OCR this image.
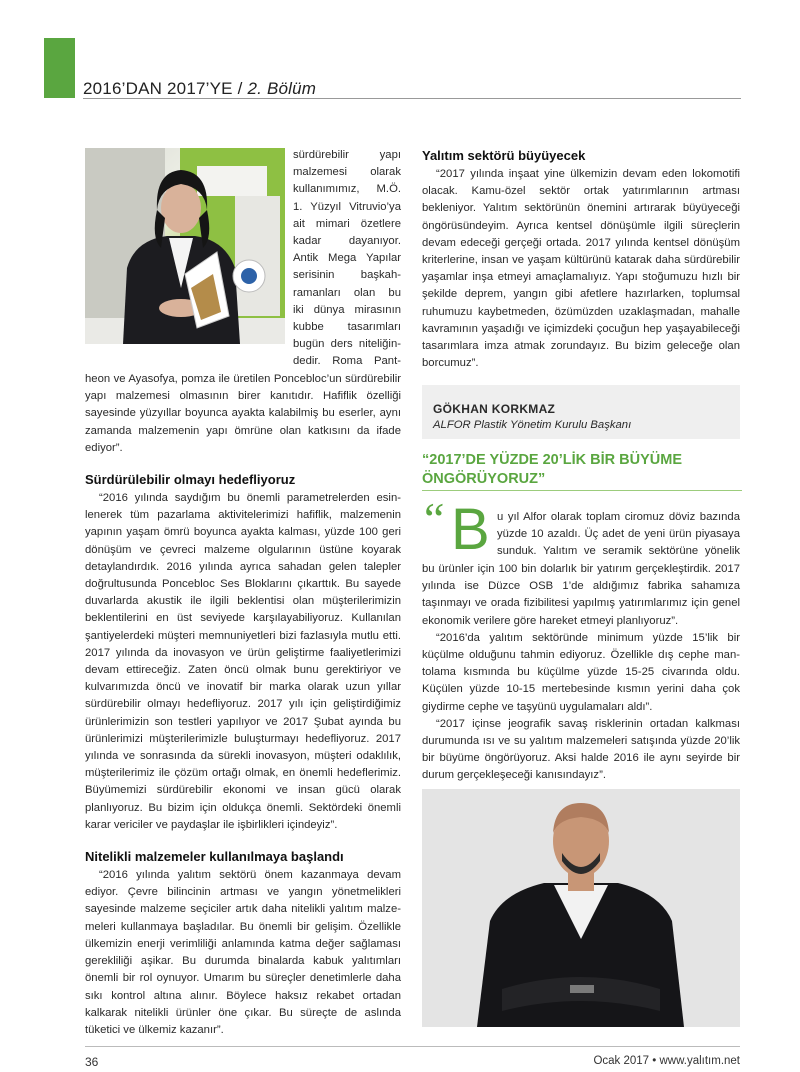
2016’DAN 2017’YE / 2. Bölüm
sürdürebilir yapı
malzemesi olarak
kullanımımız, M.Ö.
1. Yüzyıl Vitruvio’ya
ait mimari özetlere
kadar dayanıyor.
Antik Mega Yapılar
serisinin başkah-
ramanları olan bu
iki dünya mirasının
kubbe tasarımları
bugün ders niteliğin-
dedir. Roma Pant-

heon ve Ayasofya, pomza ile üretilen Poncebloc’un sürdürebilir yapı malzemesi olmasının birer kanıtıdır. Hafiflik özelliği sayesinde yüzyıllar boyunca ayakta kalabilmiş bu eserler, aynı zamanda malzemenin yapı ömrüne olan katkısını da ifade ediyor”.

Sürdürülebilir olmayı hedefliyoruz

“2016 yılında saydığım bu önemli parametrelerden esinlenerek tüm pazarlama aktivitelerimizi hafiflik, malzemenin yapının yaşam ömrü boyunca ayakta kalması, yüzde 100 geri dönüşüm ve çevreci malzeme olgularının üstüne koyarak detaylandırdık. 2016 yılında ayrıca sahadan gelen talepler doğrultusunda Poncebloc Ses Bloklarını çıkarttık. Bu sayede duvarlarda akustik ile ilgili beklentisi olan müşterilerimizin beklentilerini en üst seviyede karşılayabiliyoruz. Kullanılan şantiyelerdeki müşteri memnuniyetleri bizi fazlasıyla mutlu etti. 2017 yılında da inovasyon ve ürün geliştirme faaliyetlerimizi devam ettireceğiz. Zaten öncü olmak bunu gerektiriyor ve kulvarımızda öncü ve inovatif bir marka olarak uzun yıllar sürdürebilir olmayı hedefliyoruz. 2017 yılı için geliştirdiğimiz ürünlerimizin son testleri yapılıyor ve 2017 Şubat ayında bu ürünlerimizi müşterilerimizle buluşturmayı hedefliyoruz. 2017 yılında ve sonrasında da sürekli inovasyon, müşteri odaklılık, müşterilerimiz ile çözüm ortağı olmak, en önemli hedeflerimiz. Büyümemizi sürdürebilir ekonomi ve insan gücü olarak planlıyoruz. Bu bizim için oldukça önemli. Sektördeki önemli karar vericiler ve paydaşlar ile işbirlikleri içindeyiz”.

Nitelikli malzemeler kullanılmaya başlandı

“2016 yılında yalıtım sektörü önem kazanmaya devam ediyor. Çevre bilincinin artması ve yangın yönetmelikleri sayesinde malzeme seçiciler artık daha nitelikli yalıtım malzemeleri kullanmaya başladılar. Bu önemli bir gelişim. Özellikle ülkemizin enerji verimliliği anlamında katma değer sağlaması gerekliliği aşikar. Bu durumda binalarda kabuk yalıtımları önemli bir rol oynuyor. Umarım bu süreçler denetimlerle daha sıkı kontrol altına alınır. Böylece haksız rekabet ortadan kalkarak nitelikli ürünler öne çıkar. Bu süreçte de aslında tüketici ve ülkemiz kazanır”.

Yalıtım sektörü büyüyecek

“2017 yılında inşaat yine ülkemizin devam eden lokomotifi olacak. Kamu-özel sektör ortak yatırımlarının artması bekleniyor. Yalıtım sektörünün önemini artırarak büyüyeceği öngörüsündeyim. Ayrıca kentsel dönüşümle ilgili süreçlerin devam edeceği gerçeği ortada. 2017 yılında kentsel dönüşüm kriterlerine, insan ve yaşam kültürünü katarak daha sürdürebilir yaşamlar inşa etmeyi amaçlamalıyız. Yapı stoğumuzu hızlı bir şekilde deprem, yangın gibi afetlere hazırlarken, toplumsal ruhumuzu kaybetmeden, özümüzden uzaklaşmadan, mahalle kavramının yaşadığı ve içimizdeki çocuğun hep yaşayabileceği tasarımlara imza atmak zorundayız. Bu bizim geleceğe olan borcumuz”.

GÖKHAN KORKMAZ
ALFOR Plastik Yönetim Kurulu Başkanı
“2017’DE YÜZDE 20’LİK BİR BÜYÜME ÖNGÖRÜYORUZ”
“ B u yıl Alfor olarak toplam ciromuz döviz bazında
yüzde 10 azaldı. Üç adet de yeni ürün piyasaya
sunduk. Yalıtım ve seramik sektörüne yönelik

bu ürünler için 100 bin dolarlık bir yatırım gerçekleştirdik. 2017 yılında ise Düzce OSB 1’de aldığımız fabrika sahamıza taşınmayı ve orada fizibilitesi yapılmış yatırımlarımız için genel ekonomik verilere göre hareket etmeyi planlıyoruz”.

“2016’da yalıtım sektöründe minimum yüzde 15’lik bir küçülme olduğunu tahmin ediyoruz. Özellikle dış cephe mantolama kısmında bu küçülme yüzde 15-25 civarında oldu. Küçülen yüzde 10-15 mertebesinde kısmın yerini daha çok giydirme cephe ve taşyünü uygulamaları aldı”.

“2017 içinse jeografik savaş risklerinin ortadan kalkması durumunda ısı ve su yalıtım malzemeleri satışında yüzde 20’lik bir büyüme öngörüyoruz. Aksi halde 2016 ile aynı seyirde bir durum gerçekleşeceği kanısındayız”.

36	Ocak 2017 • www.yalıtım.net
